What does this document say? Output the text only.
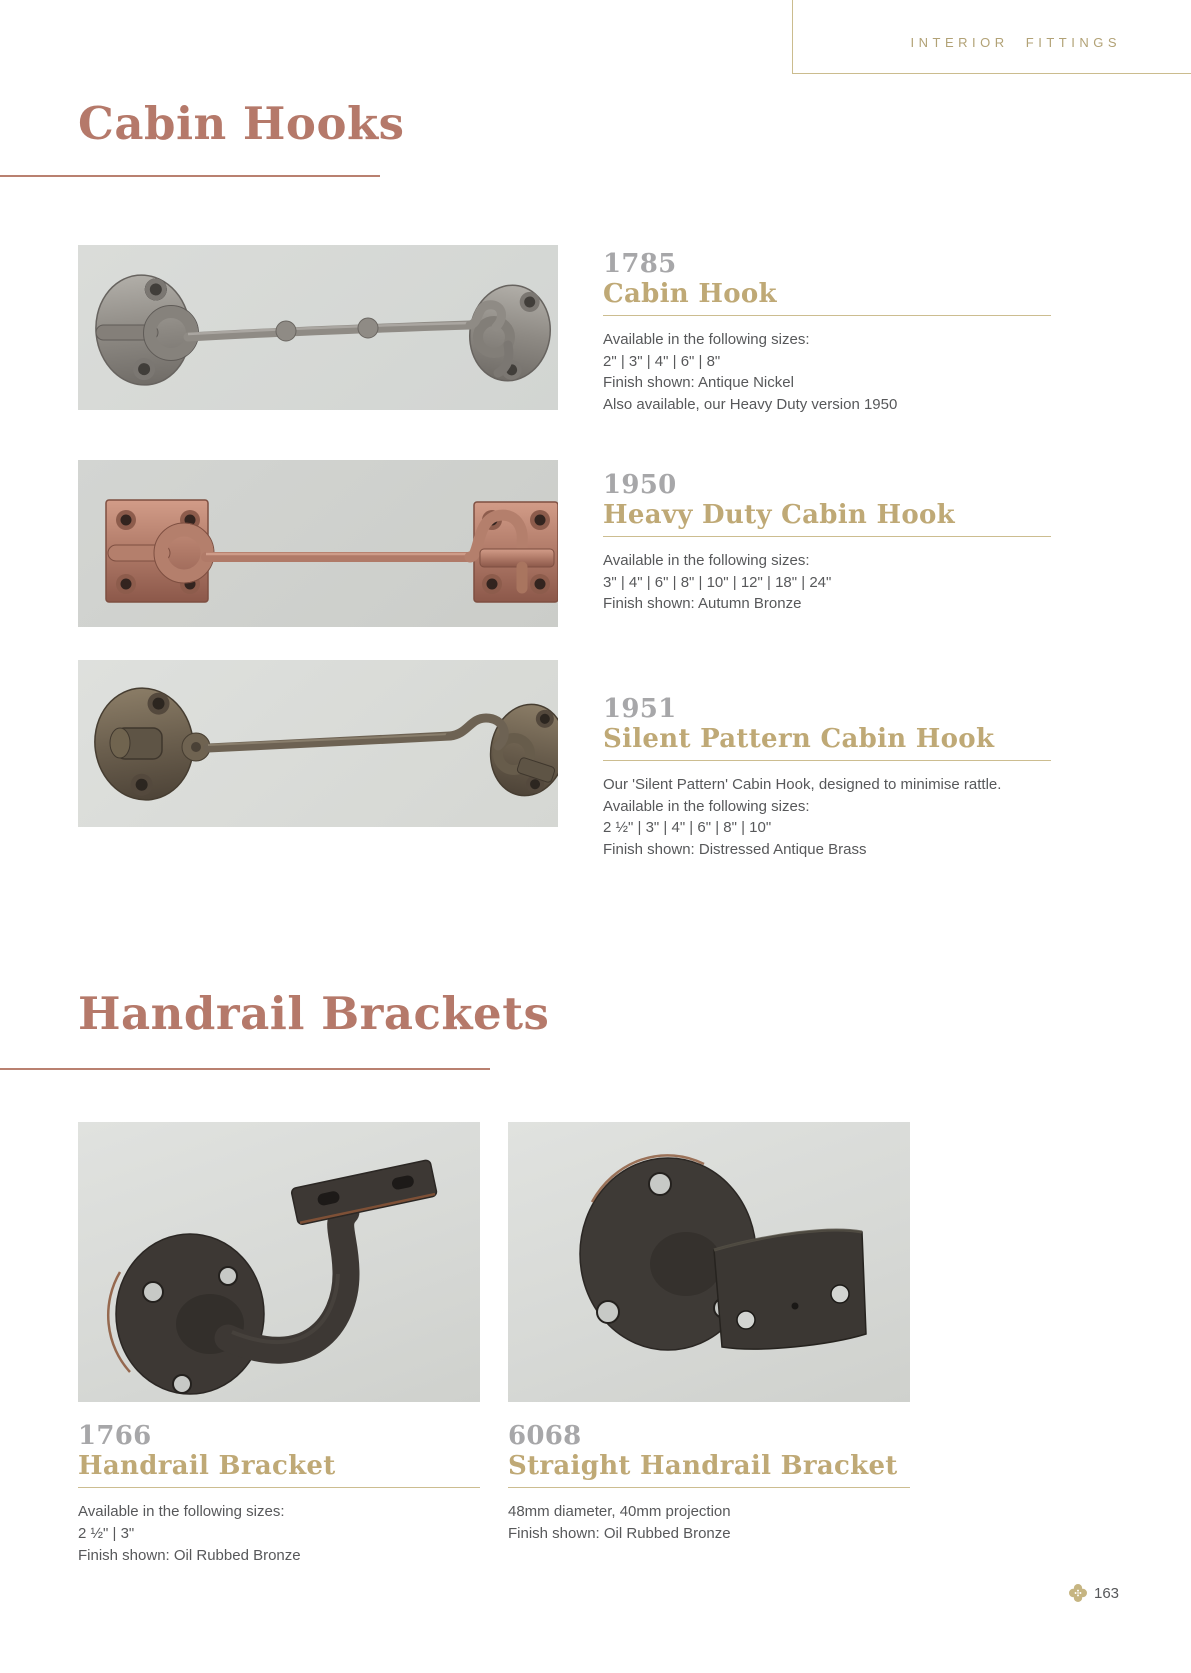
INTERIOR FITTINGS
Cabin Hooks
1785
Cabin Hook
Available in the following sizes:
2" | 3" | 4" | 6" | 8"
Finish shown: Antique Nickel
Also available, our Heavy Duty version 1950
1950
Heavy Duty Cabin Hook
Available in the following sizes:
3" | 4" | 6" | 8" | 10" | 12" | 18" | 24"
Finish shown: Autumn Bronze
1951
Silent Pattern Cabin Hook
Our 'Silent Pattern' Cabin Hook, designed to minimise rattle.
Available in the following sizes:
2 ½" | 3" | 4" | 6" | 8" | 10"
Finish shown: Distressed Antique Brass
Handrail Brackets
1766
Handrail Bracket
Available in the following sizes:
2 ½" | 3"
Finish shown: Oil Rubbed Bronze
6068
Straight Handrail Bracket
48mm diameter, 40mm projection
Finish shown: Oil Rubbed Bronze
163
